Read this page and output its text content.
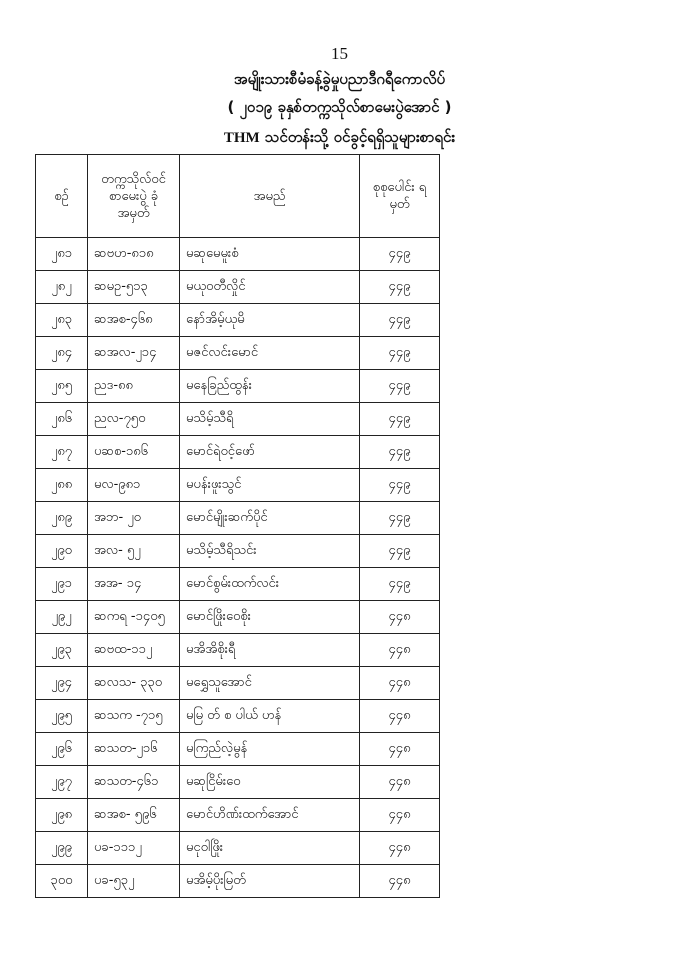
15
အမျိုးသားစီမံခန့်ခွဲမှုပညာဒီဂရီကောလိပ်
( ၂၀၁၉ ခုနှစ်တက္ကသိုလ်စာမေးပွဲအောင် )
THM သင်တန်းသို့ ဝင်ခွင့်ရရှိသူများစာရင်း
စဉ်	တက္ကသိုလ်ဝင် စာမေးပွဲ ခုံအမှတ်	အမည်	စုစုပေါင်း ရမှတ်
၂၈၁	ဆဗဟ-၈၁၈	မဆုမေမူးစံ	၄၄၉
၂၈၂	ဆမဥ-၅၁၃	မယုဝတီလှိုင်	၄၄၉
၂၈၃	ဆအစ-၄၆၈	နော်အိမ့်ယုမိ	၄၄၉
၂၈၄	ဆအလ-၂၁၄	မဇင်လင်းမောင်	၄၄၉
၂၈၅	ညဒ-၈၈	မနေခြည်ထွန်း	၄၄၉
၂၈၆	ညလ-၇၅၀	မသိမ့်သီရိ	၄၄၉
၂၈၇	ပဆစ-၁၈၆	မောင်ရဲဝင့်ဖော်	၄၄၉
၂၈၈	မလ-၉၈၁	မပန်းဖူးသွင်	၄၄၉
၂၈၉	အဘ- ၂၀	မောင်မျိုးဆက်ပိုင်	၄၄၉
၂၉၀	အလ- ၅၂	မသိမ့်သီရိသင်း	၄၄၉
၂၉၁	အအ- ၁၄	မောင်စွမ်းထက်လင်း	၄၄၉
၂၉၂	ဆကရ -၁၄၀၅	မောင်ဖြိုးဝေစိုး	၄၄၈
၂၉၃	ဆဗထ-၁၁၂	မအိအိစိုးရီ	၄၄၈
၂၉၄	ဆလသ- ၃၃၀	မရွှေသူအောင်	၄၄၈
၂၉၅	ဆသက -၇၁၅	မမြ တ် စ ပါယ် ဟန်	၄၄၈
၂၉၆	ဆသတ-၂၁၆	မကြည်လဲ့မွန်	၄၄၈
၂၉၇	ဆသတ-၄၆၁	မဆုငြိမ်းဝေ	၄၄၈
၂၉၈	ဆအစ- ၅၉၆	မောင်ဟိဏ်းထက်အောင်	၄၄၈
၂၉၉	ပခ-၁၁၁၂	မငုဝါဖြိုး	၄၄၈
၃၀၀	ပခ-၅၃၂	မအိမ့်ပိုးမြတ်	၄၄၈
